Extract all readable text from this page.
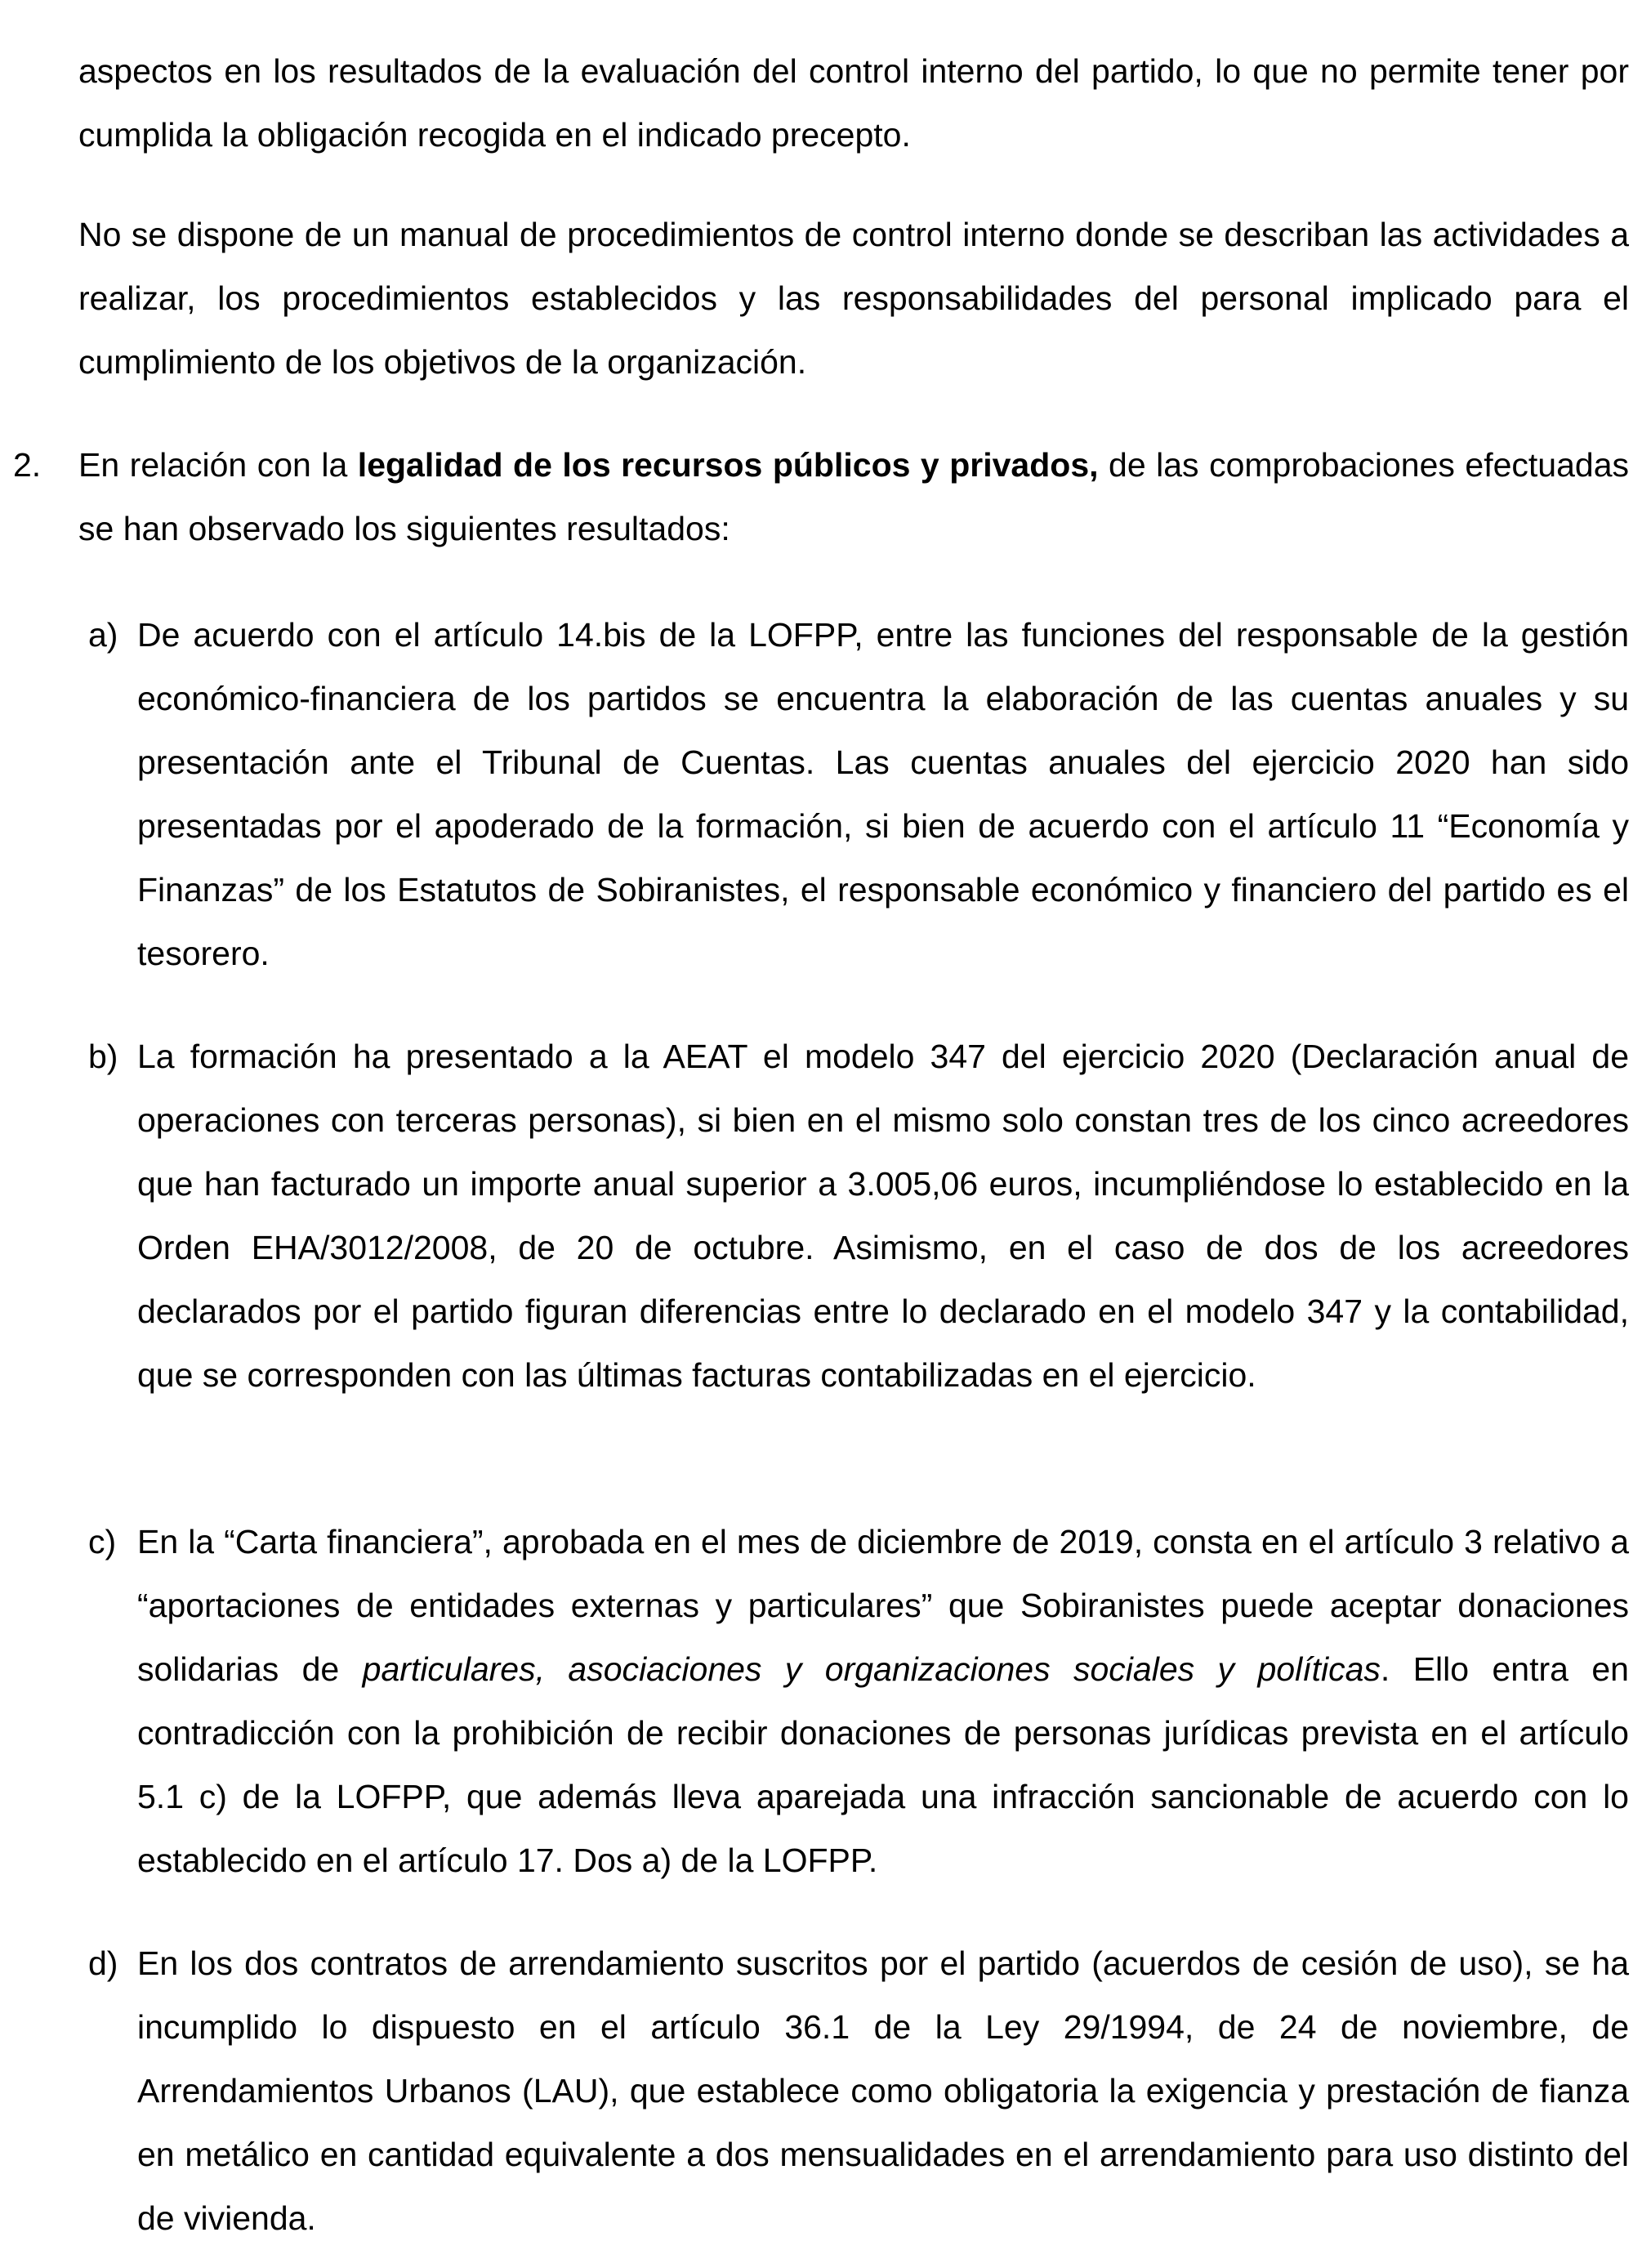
aspectos en los resultados de la evaluación del control interno del partido, lo que no permite tener por cumplida la obligación recogida en el indicado precepto.

No se dispone de un manual de procedimientos de control interno donde se describan las actividades a realizar, los procedimientos establecidos y las responsabilidades del personal implicado para el cumplimiento de los objetivos de la organización.

2. En relación con la legalidad de los recursos públicos y privados, de las comprobaciones efectuadas se han observado los siguientes resultados:

a) De acuerdo con el artículo 14.bis de la LOFPP, entre las funciones del responsable de la gestión económico-financiera de los partidos se encuentra la elaboración de las cuentas anuales y su presentación ante el Tribunal de Cuentas. Las cuentas anuales del ejercicio 2020 han sido presentadas por el apoderado de la formación, si bien de acuerdo con el artículo 11 “Economía y Finanzas” de los Estatutos de Sobiranistes, el responsable económico y financiero del partido es el tesorero.

b) La formación ha presentado a la AEAT el modelo 347 del ejercicio 2020 (Declaración anual de operaciones con terceras personas), si bien en el mismo solo constan tres de los cinco acreedores que han facturado un importe anual superior a 3.005,06 euros, incumpliéndose lo establecido en la Orden EHA/3012/2008, de 20 de octubre. Asimismo, en el caso de dos de los acreedores declarados por el partido figuran diferencias entre lo declarado en el modelo 347 y la contabilidad, que se corresponden con las últimas facturas contabilizadas en el ejercicio.

c) En la “Carta financiera”, aprobada en el mes de diciembre de 2019, consta en el artículo 3 relativo a “aportaciones de entidades externas y particulares” que Sobiranistes puede aceptar donaciones solidarias de particulares, asociaciones y organizaciones sociales y políticas. Ello entra en contradicción con la prohibición de recibir donaciones de personas jurídicas prevista en el artículo 5.1 c) de la LOFPP, que además lleva aparejada una infracción sancionable de acuerdo con lo establecido en el artículo 17. Dos a) de la LOFPP.

d) En los dos contratos de arrendamiento suscritos por el partido (acuerdos de cesión de uso), se ha incumplido lo dispuesto en el artículo 36.1 de la Ley 29/1994, de 24 de noviembre, de Arrendamientos Urbanos (LAU), que establece como obligatoria la exigencia y prestación de fianza en metálico en cantidad equivalente a dos mensualidades en el arrendamiento para uso distinto del de vivienda.
